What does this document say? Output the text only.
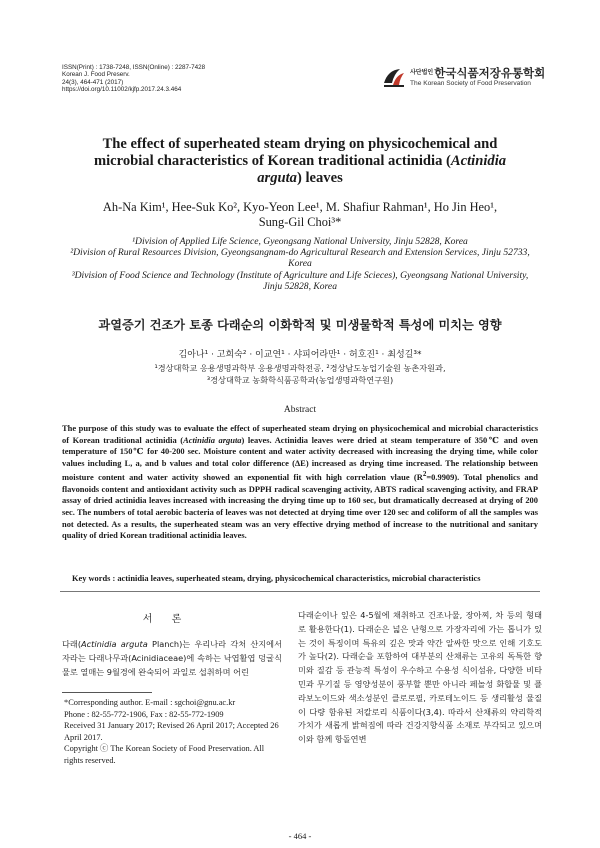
ISSN(Print) : 1738-7248, ISSN(Online) : 2287-7428
Korean J. Food Preserv.
24(3), 464-471 (2017)
https://doi.org/10.11002/kjfp.2017.24.3.464
$^{사단법인}$한국식품저장유통학회
The Korean Society of Food Preservation
The effect of superheated steam drying on physicochemical and
microbial characteristics of Korean traditional actinidia (Actinidia
arguta) leaves
Ah-Na Kim¹, Hee-Suk Ko², Kyo-Yeon Lee¹, M. Shafiur Rahman¹, Ho Jin Heo¹,
Sung-Gil Choi³*
¹Division of Applied Life Science, Gyeongsang National University, Jinju 52828, Korea
²Division of Rural Resources Division, Gyeongsangnam-do Agricultural Research and Extension Services, Jinju 52733, Korea
³Division of Food Science and Technology (Institute of Agriculture and Life Scieces), Gyeongsang National University,
Jinju 52828, Korea
과열증기 건조가 토종 다래순의 이화학적 및 미생물학적 특성에 미치는 영향
김아나¹ · 고희숙² · 이교연¹ · 샤피어라만¹ · 허호진¹ · 최성길³*
¹경상대학교 응용생명과학부 응용생명과학전공, ²경상남도농업기술원 농촌자원과,
³경상대학교 농화학식품공학과(농업생명과학연구원)
Abstract
The purpose of this study was to evaluate the effect of superheated steam drying on physicochemical and microbial characteristics of Korean traditional actinidia (Actinidia arguta) leaves. Actinidia leaves were dried at steam temperature of 350℃ and oven temperature of 150℃ for 40-200 sec. Moisture content and water activity decreased with increasing the drying time, while color values including L, a, and b values and total color difference (ΔE) increased as drying time increased. The relationship between moisture content and water activity showed an exponential fit with high correlation vlaue $(R^2=0.9909)$. Total phenolics and flavonoids content and antioxidant activity such as DPPH radical scavenging activity, ABTS radical scavenging activity, and FRAP assay of dried actinidia leaves increased with increasing the drying time up to 160 sec, but dramatically decreased at drying of 200 sec. The numbers of total aerobic bacteria of leaves was not detected at drying time over 120 sec and coliform of all the samples was not detected. As a results, the superheated steam was an very effective drying method of increase to the nutritional and sanitary quality of dried Korean traditional actinidia leaves.
Key words : actinidia leaves, superheated steam, drying, physicochemical characteristics, microbial characteristics
서 론
다래(Actinidia arguta Planch)는 우리나라 각처 산지에서 자라는 다래나무과(Acinidiaceae)에 속하는 낙엽활엽 덩굴식물로 열매는 9월경에 완숙되어 과일로 섭취하며 어린
*Corresponding author. E-mail : sgchoi@gnu.ac.kr
Phone : 82-55-772-1906, Fax : 82-55-772-1909
Received 31 January 2017; Revised 26 April 2017; Accepted 26 April 2017.
Copyright ⓒ The Korean Society of Food Preservation. All rights reserved.
다래순이나 잎은 4-5월에 채취하고 건조나물, 장아찌, 차 등의 형태로 활용한다(1). 다래순은 넓은 난형으로 가장자리에 가는 톱니가 있는 것이 특징이며 특유의 깊은 맛과 약간 알싸한 맛으로 인해 기호도가 높다(2). 다래순을 포함하여 대부분의 산채류는 고유의 독특한 향미와 질감 등 관능적 특성이 우수하고 수용성 식이섬유, 다양한 비타민과 무기질 등 영양성분이 풍부할 뿐만 아니라 페놀성 화합물 및 플라보노이드와 색소성분인 클로로필, 카로테노이드 등 생리활성 물질이 다량 함유된 저칼로리 식품이다(3,4). 따라서 산채류의 약리학적 가치가 새롭게 밝혀짐에 따라 건강지향식품 소재로 부각되고 있으며 이와 함께 항돌연변
- 464 -
